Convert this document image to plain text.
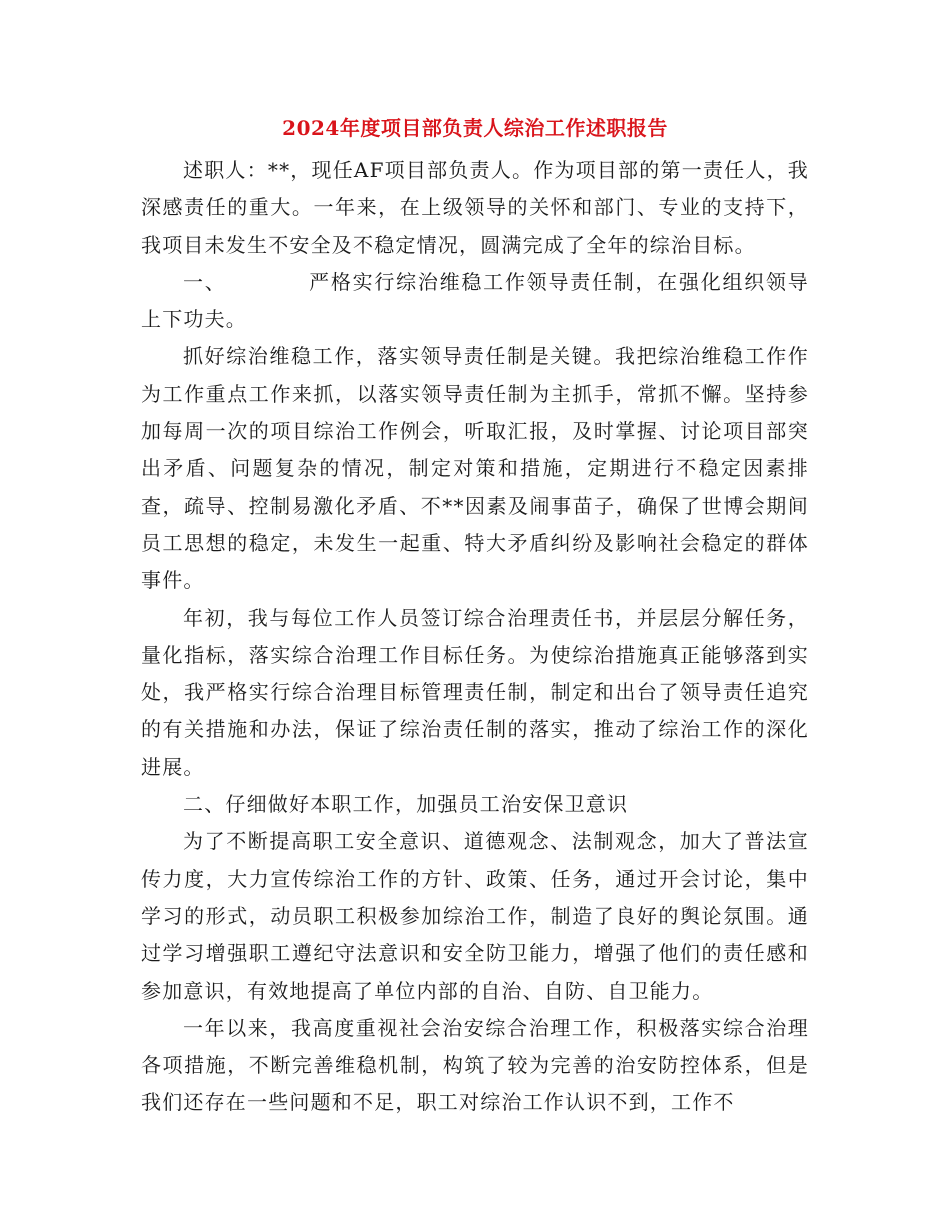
2024年度项目部负责人综治工作述职报告

述职人：**，现任AF项目部负责人。作为项目部的第一责任人，我深感责任的重大。一年来，在上级领导的关怀和部门、专业的支持下，我项目未发生不安全及不稳定情况，圆满完成了全年的综治目标。

一、	严格实行综治维稳工作领导责任制，在强化组织领导上下功夫。

抓好综治维稳工作，落实领导责任制是关键。我把综治维稳工作作为工作重点工作来抓，以落实领导责任制为主抓手，常抓不懈。坚持参加每周一次的项目综治工作例会，听取汇报，及时掌握、讨论项目部突出矛盾、问题复杂的情况，制定对策和措施，定期进行不稳定因素排查，疏导、控制易激化矛盾、不**因素及闹事苗子，确保了世博会期间员工思想的稳定，未发生一起重、特大矛盾纠纷及影响社会稳定的群体事件。

年初，我与每位工作人员签订综合治理责任书，并层层分解任务，量化指标，落实综合治理工作目标任务。为使综治措施真正能够落到实处，我严格实行综合治理目标管理责任制，制定和出台了领导责任追究的有关措施和办法，保证了综治责任制的落实，推动了综治工作的深化进展。

二、仔细做好本职工作，加强员工治安保卫意识

为了不断提高职工安全意识、道德观念、法制观念，加大了普法宣传力度，大力宣传综治工作的方针、政策、任务，通过开会讨论，集中学习的形式，动员职工积极参加综治工作，制造了良好的舆论氛围。通过学习增强职工遵纪守法意识和安全防卫能力，增强了他们的责任感和参加意识，有效地提高了单位内部的自治、自防、自卫能力。

一年以来，我高度重视社会治安综合治理工作，积极落实综合治理各项措施，不断完善维稳机制，构筑了较为完善的治安防控体系，但是我们还存在一些问题和不足，职工对综治工作认识不到，工作不
